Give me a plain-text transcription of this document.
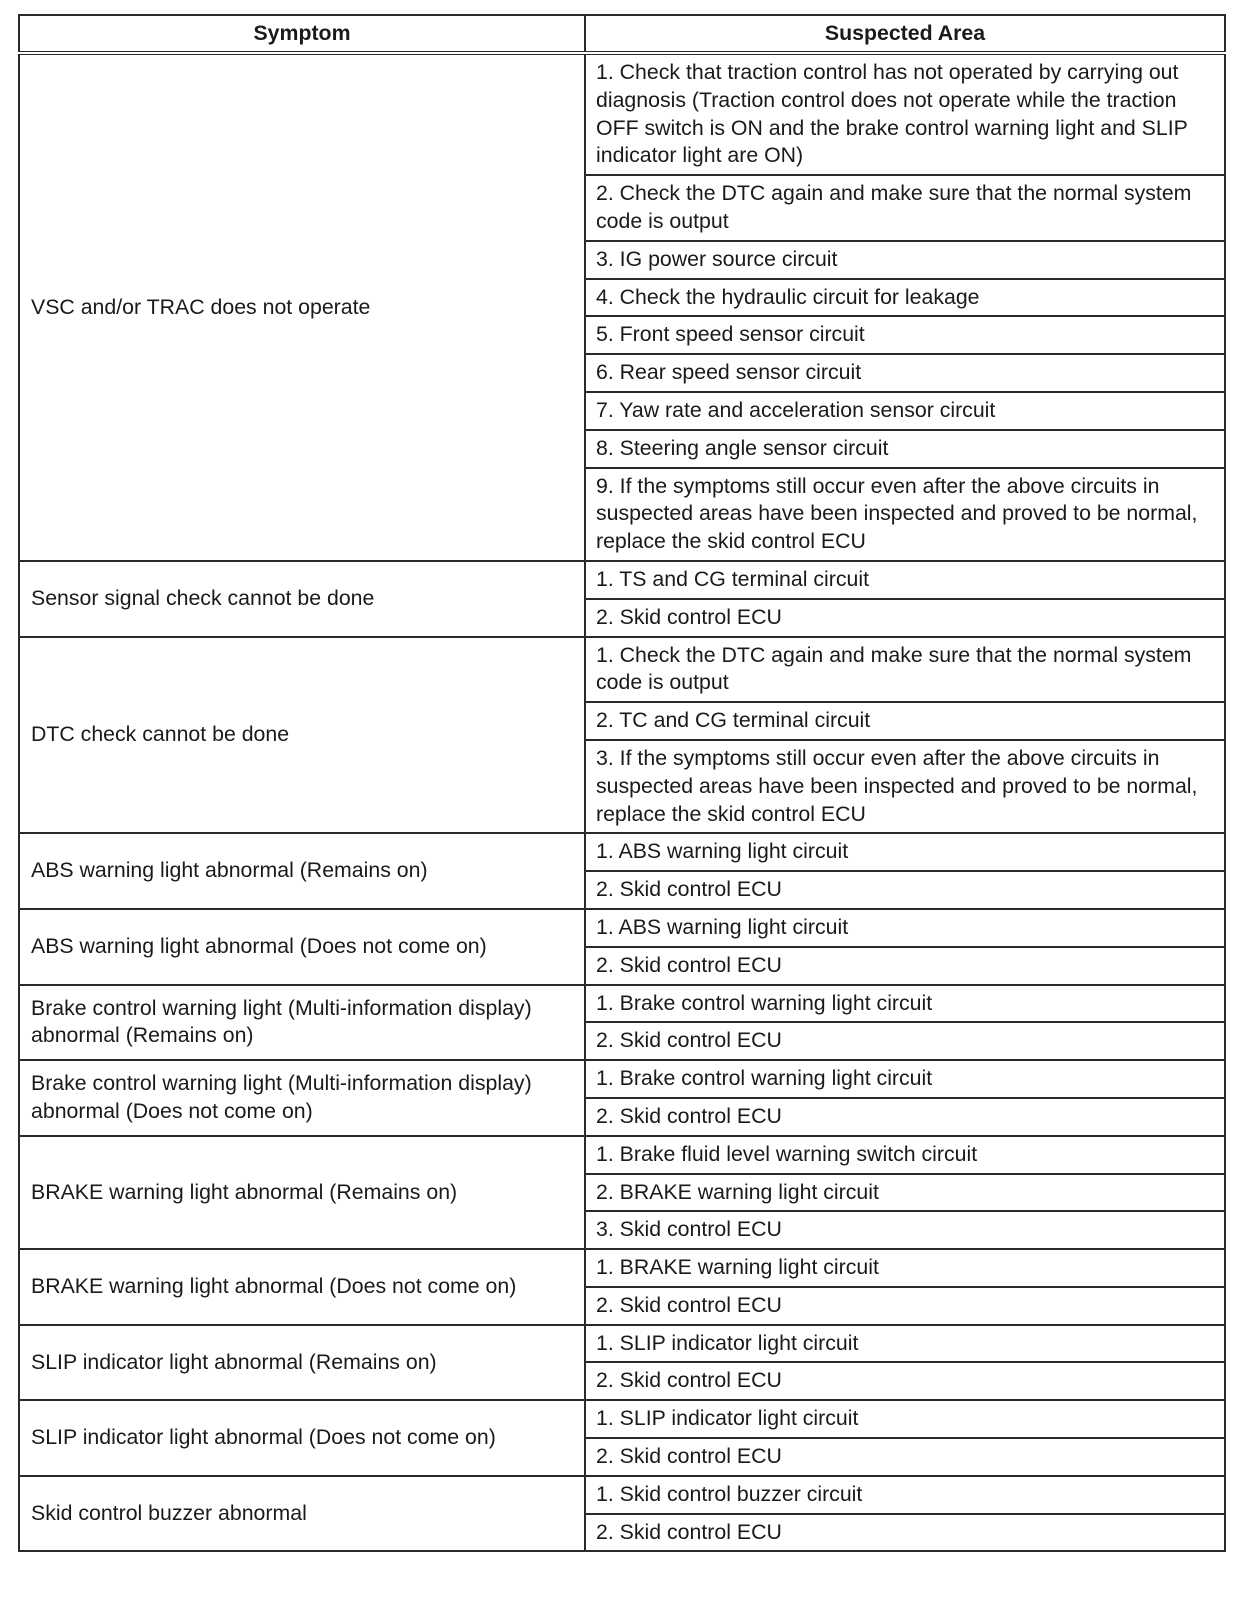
Symptom	Suspected Area
VSC and/or TRAC does not operate	1. Check that traction control has not operated by carrying out diagnosis (Traction control does not operate while the traction OFF switch is ON and the brake control warning light and SLIP indicator light are ON)
	2. Check the DTC again and make sure that the normal system code is output
	3. IG power source circuit
	4. Check the hydraulic circuit for leakage
	5. Front speed sensor circuit
	6. Rear speed sensor circuit
	7. Yaw rate and acceleration sensor circuit
	8. Steering angle sensor circuit
	9. If the symptoms still occur even after the above circuits in suspected areas have been inspected and proved to be normal, replace the skid control ECU
Sensor signal check cannot be done	1. TS and CG terminal circuit
	2. Skid control ECU
DTC check cannot be done	1. Check the DTC again and make sure that the normal system code is output
	2. TC and CG terminal circuit
	3. If the symptoms still occur even after the above circuits in suspected areas have been inspected and proved to be normal, replace the skid control ECU
ABS warning light abnormal (Remains on)	1. ABS warning light circuit
	2. Skid control ECU
ABS warning light abnormal (Does not come on)	1. ABS warning light circuit
	2. Skid control ECU
Brake control warning light (Multi-information display) abnormal (Remains on)	1. Brake control warning light circuit
	2. Skid control ECU
Brake control warning light (Multi-information display) abnormal (Does not come on)	1. Brake control warning light circuit
	2. Skid control ECU
BRAKE warning light abnormal (Remains on)	1. Brake fluid level warning switch circuit
	2. BRAKE warning light circuit
	3. Skid control ECU
BRAKE warning light abnormal (Does not come on)	1. BRAKE warning light circuit
	2. Skid control ECU
SLIP indicator light abnormal (Remains on)	1. SLIP indicator light circuit
	2. Skid control ECU
SLIP indicator light abnormal (Does not come on)	1. SLIP indicator light circuit
	2. Skid control ECU
Skid control buzzer abnormal	1. Skid control buzzer circuit
	2. Skid control ECU
